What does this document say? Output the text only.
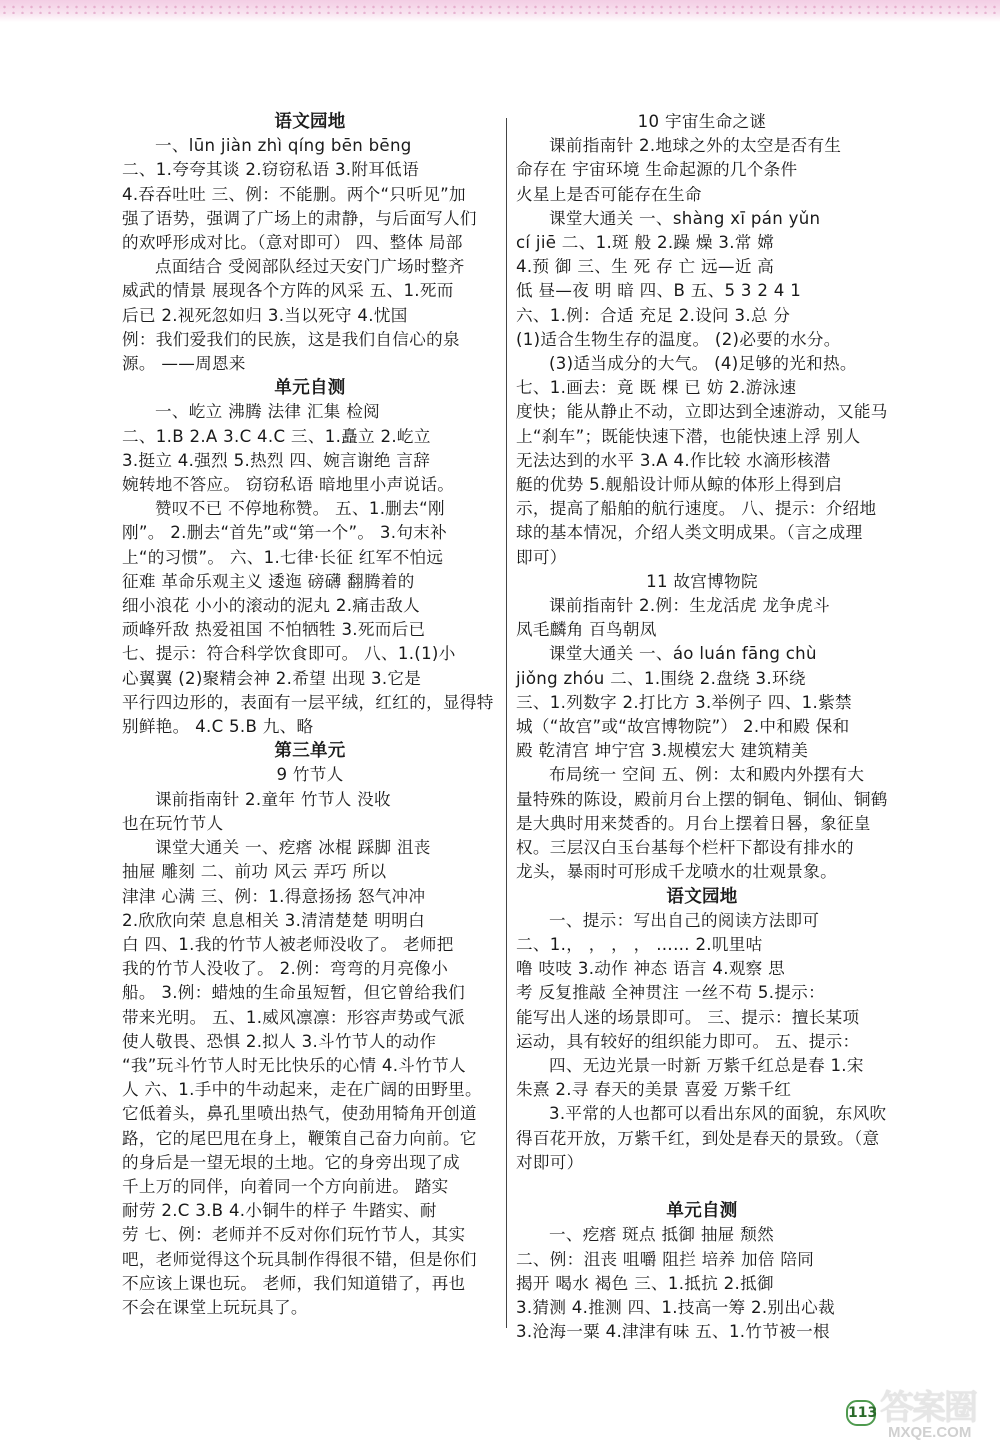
语文园地

一、lūn jiàn zhì qíng bēn bēng

二、1.夸夸其谈 2.窃窃私语 3.附耳低语

4.吞吞吐吐 三、例：不能删。两个“只听见”加

强了语势，强调了广场上的肃静，与后面写人们

的欢呼形成对比。（意对即可） 四、整体 局部

点面结合 受阅部队经过天安门广场时整齐

威武的情景 展现各个方阵的风采 五、1.死而

后已 2.视死忽如归 3.当以死守 4.忧国

例：我们爱我们的民族，这是我们自信心的泉

源。 ——周恩来

单元自测

一、屹立 沸腾 法律 汇集 检阅

二、1.B 2.A 3.C 4.C 三、1.矗立 2.屹立

3.挺立 4.强烈 5.热烈 四、婉言谢绝 言辞

婉转地不答应。 窃窃私语 暗地里小声说话。

赞叹不已 不停地称赞。 五、1.删去“刚

刚”。 2.删去“首先”或“第一个”。 3.句末补

上“的习惯”。 六、1.七律·长征 红军不怕远

征难 革命乐观主义 逶迤 磅礴 翻腾着的

细小浪花 小小的滚动的泥丸 2.痛击敌人

顽峰歼敌 热爱祖国 不怕牺牲 3.死而后已

七、提示：符合科学饮食即可。 八、1.(1)小

心翼翼 (2)聚精会神 2.希望 出现 3.它是

平行四边形的，表面有一层平绒，红红的，显得特

别鲜艳。 4.C 5.B 九、略

第三单元

9 竹节人

课前指南针 2.童年 竹节人 没收

也在玩竹节人

课堂大通关 一、疙瘩 冰棍 踩脚 沮丧

抽屉 雕刻 二、前功 风云 弄巧 所以

津津 心满 三、例：1.得意扬扬 怒气冲冲

2.欣欣向荣 息息相关 3.清清楚楚 明明白

白 四、1.我的竹节人被老师没收了。 老师把

我的竹节人没收了。 2.例：弯弯的月亮像小

船。 3.例：蜡烛的生命虽短暂，但它曾给我们

带来光明。 五、1.威风凛凛：形容声势或气派

使人敬畏、恐惧 2.拟人 3.斗竹节人的动作

“我”玩斗竹节人时无比快乐的心情 4.斗竹节人

人 六、1.手中的牛动起来，走在广阔的田野里。

它低着头，鼻孔里喷出热气，使劲用犄角开创道

路，它的尾巴甩在身上，鞭策自己奋力向前。它

的身后是一望无垠的土地。它的身旁出现了成

千上万的同伴，向着同一个方向前进。 踏实

耐劳 2.C 3.B 4.小铜牛的样子 牛踏实、耐

劳 七、例：老师并不反对你们玩竹节人，其实

吧，老师觉得这个玩具制作得很不错，但是你们

不应该上课也玩。 老师，我们知道错了，再也

不会在课堂上玩玩具了。

10 宇宙生命之谜

课前指南针 2.地球之外的太空是否有生

命存在 宇宙环境 生命起源的几个条件

火星上是否可能存在生命

课堂大通关 一、shàng xī pán yǔn

cí jiē 二、1.斑 般 2.躁 燥 3.常 嫦

4.预 御 三、生 死 存 亡 远—近 高

低 昼—夜 明 暗 四、B 五、5 3 2 4 1

六、1.例：合适 充足 2.设问 3.总 分

(1)适合生物生存的温度。 (2)必要的水分。

(3)适当成分的大气。 (4)足够的光和热。

七、1.画去：竟 既 棵 已 妨 2.游泳速

度快；能从静止不动，立即达到全速游动，又能马

上“刹车”；既能快速下潜，也能快速上浮 别人

无法达到的水平 3.A 4.作比较 水滴形核潜

艇的优势 5.舰船设计师从鲸的体形上得到启

示，提高了船舶的航行速度。 八、提示：介绍地

球的基本情况，介绍人类文明成果。（言之成理

即可）

11 故宫博物院

课前指南针 2.例：生龙活虎 龙争虎斗

凤毛麟角 百鸟朝凤

课堂大通关 一、áo luán fāng chù

jiǒng zhóu 二、1.围绕 2.盘绕 3.环绕

三、1.列数字 2.打比方 3.举例子 四、1.紫禁

城（“故宫”或“故宫博物院”） 2.中和殿 保和

殿 乾清宫 坤宁宫 3.规模宏大 建筑精美

布局统一 空间 五、例：太和殿内外摆有大

量特殊的陈设，殿前月台上摆的铜龟、铜仙、铜鹤

是大典时用来焚香的。月台上摆着日晷，象征皇

权。三层汉白玉台基每个栏杆下都设有排水的

龙头，暴雨时可形成千龙喷水的壮观景象。

语文园地

一、提示：写出自己的阅读方法即可

二、1.， ， ， ， …… 2.叽里咕

噜 吱吱 3.动作 神态 语言 4.观察 思

考 反复推敲 全神贯注 一丝不苟 5.提示：

能写出人迷的场景即可。 三、提示：擅长某项

运动，具有较好的组织能力即可。 五、提示：

四、无边光景一时新 万紫千红总是春 1.宋

朱熹 2.寻 春天的美景 喜爱 万紫千红

3.平常的人也都可以看出东风的面貌，东风吹

得百花开放，万紫千红，到处是春天的景致。（意

对即可）

单元自测

一、疙瘩 斑点 抵御 抽屉 颓然

二、例：沮丧 咀嚼 阻拦 培养 加倍 陪同

揭开 喝水 褐色 三、1.抵抗 2.抵御

3.猜测 4.推测 四、1.技高一筹 2.别出心裁

3.沧海一粟 4.津津有味 五、1.竹节被一根

113 答案圈
MXQE.COM
